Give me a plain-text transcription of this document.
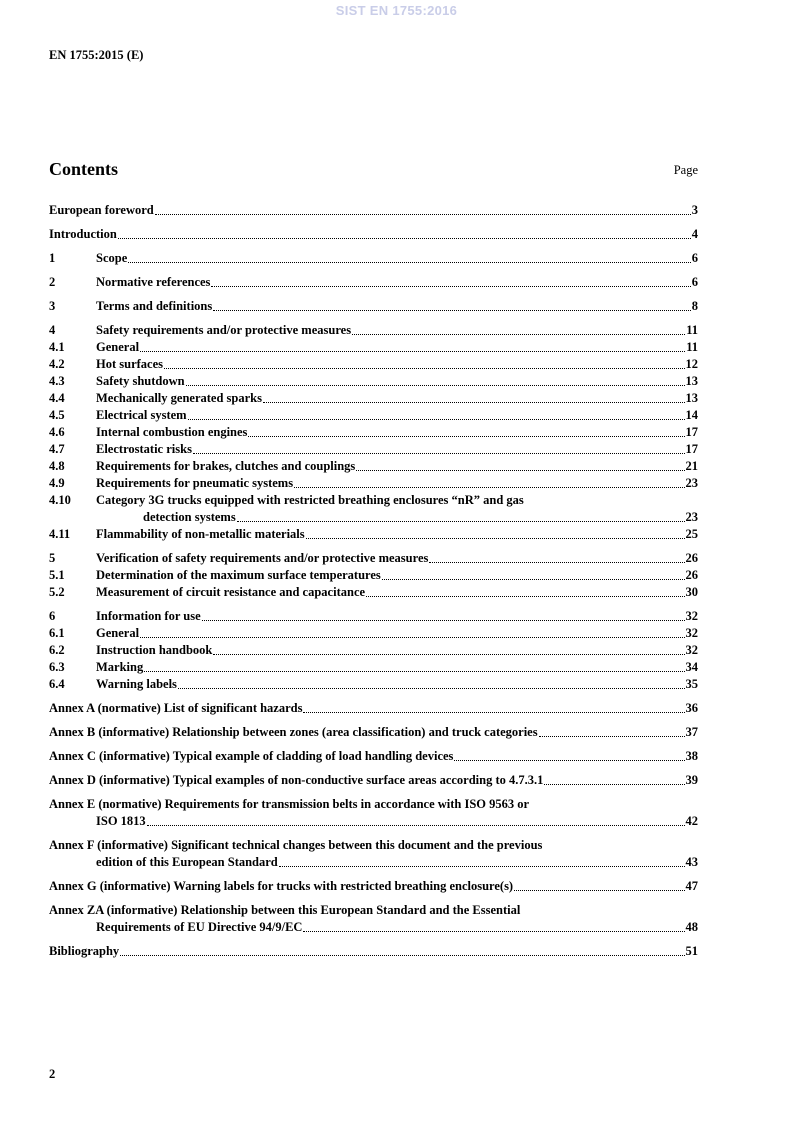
SIST EN 1755:2016
EN 1755:2015 (E)
Contents	Page
European foreword	3
Introduction	4
1	Scope	6
2	Normative references	6
3	Terms and definitions	8
4	Safety requirements and/or protective measures	11
4.1	General	11
4.2	Hot surfaces	12
4.3	Safety shutdown	13
4.4	Mechanically generated sparks	13
4.5	Electrical system	14
4.6	Internal combustion engines	17
4.7	Electrostatic risks	17
4.8	Requirements for brakes, clutches and couplings	21
4.9	Requirements for pneumatic systems	23
4.10 Category 3G trucks equipped with restricted breathing enclosures “nR” and gas
detection systems	23
4.11 Flammability of non-metallic materials	25
5	Verification of safety requirements and/or protective measures	26
5.1	Determination of the maximum surface temperatures	26
5.2	Measurement of circuit resistance and capacitance	30
6	Information for use	32
6.1	General	32
6.2	Instruction handbook	32
6.3	Marking	34
6.4	Warning labels	35
Annex A (normative) List of significant hazards	36
Annex B (informative) Relationship between zones (area classification) and truck categories	37
Annex C (informative) Typical example of cladding of load handling devices	38
Annex D (informative) Typical examples of non-conductive surface areas according to 4.7.3.1	39
Annex E (normative) Requirements for transmission belts in accordance with ISO 9563 or
ISO 1813	42
Annex F (informative) Significant technical changes between this document and the previous
edition of this European Standard	43
Annex G (informative) Warning labels for trucks with restricted breathing enclosure(s)	47
Annex ZA (informative) Relationship between this European Standard and the Essential
Requirements of EU Directive 94/9/EC	48
Bibliography	51
2
